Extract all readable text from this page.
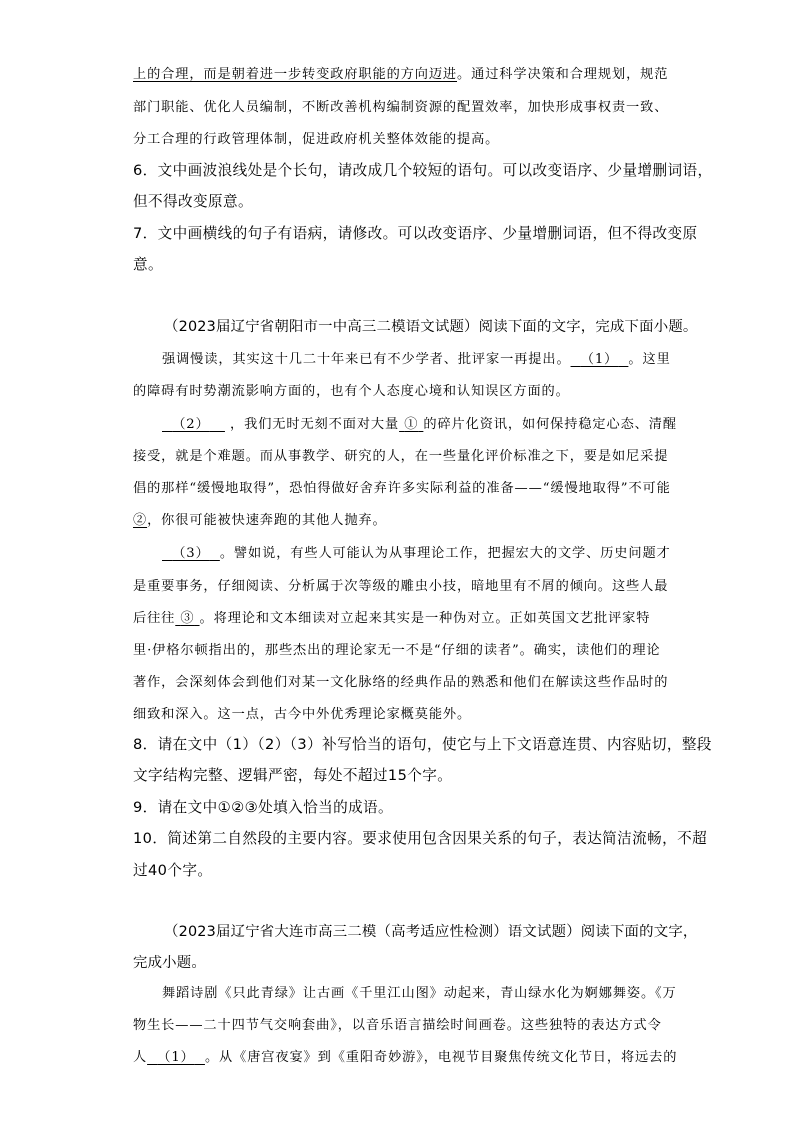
上的合理，而是朝着进一步转变政府职能的方向迈进。通过科学决策和合理规划，规范
部门职能、优化人员编制，不断改善机构编制资源的配置效率，加快形成事权责一致、
分工合理的行政管理体制，促进政府机关整体效能的提高。
6．文中画波浪线处是个长句，请改成几个较短的语句。可以改变语序、少量增删词语，
但不得改变原意。
7．文中画横线的句子有语病，请修改。可以改变语序、少量增删词语，但不得改变原
意。
（2023届辽宁省朝阳市一中高三二模语文试题）阅读下面的文字，完成下面小题。
强调慢读，其实这十几二十年来已有不少学者、批评家一再提出。 （1） 。这里
的障碍有时势潮流影响方面的，也有个人态度心境和认知误区方面的。
（2） ，我们无时无刻不面对大量 ① 的碎片化资讯，如何保持稳定心态、清醒
接受，就是个难题。而从事教学、研究的人，在一些量化评价标准之下，要是如尼采提
倡的那样“缓慢地取得”，恐怕得做好舍弃许多实际利益的准备——“缓慢地取得”不可能
②，你很可能被快速奔跑的其他人抛弃。
（3） 。譬如说，有些人可能认为从事理论工作，把握宏大的文学、历史问题才
是重要事务，仔细阅读、分析属于次等级的雕虫小技，暗地里有不屑的倾向。这些人最
后往往 ③ 。将理论和文本细读对立起来其实是一种伪对立。正如英国文艺批评家特
里·伊格尔顿指出的，那些杰出的理论家无一不是“仔细的读者”。确实，读他们的理论
著作，会深刻体会到他们对某一文化脉络的经典作品的熟悉和他们在解读这些作品时的
细致和深入。这一点，古今中外优秀理论家概莫能外。
8．请在文中（1）（2）（3）补写恰当的语句，使它与上下文语意连贯、内容贴切，整段
文字结构完整、逻辑严密，每处不超过15个字。
9．请在文中①②③处填入恰当的成语。
10．简述第二自然段的主要内容。要求使用包含因果关系的句子，表达简洁流畅，不超
过40个字。
（2023届辽宁省大连市高三二模（高考适应性检测）语文试题）阅读下面的文字，
完成小题。
舞蹈诗剧《只此青绿》让古画《千里江山图》动起来，青山绿水化为婀娜舞姿。《万
物生长——二十四节气交响套曲》，以音乐语言描绘时间画卷。这些独特的表达方式令
人 （1） 。从《唐宫夜宴》到《重阳奇妙游》，电视节目聚焦传统文化节日，将远去的
